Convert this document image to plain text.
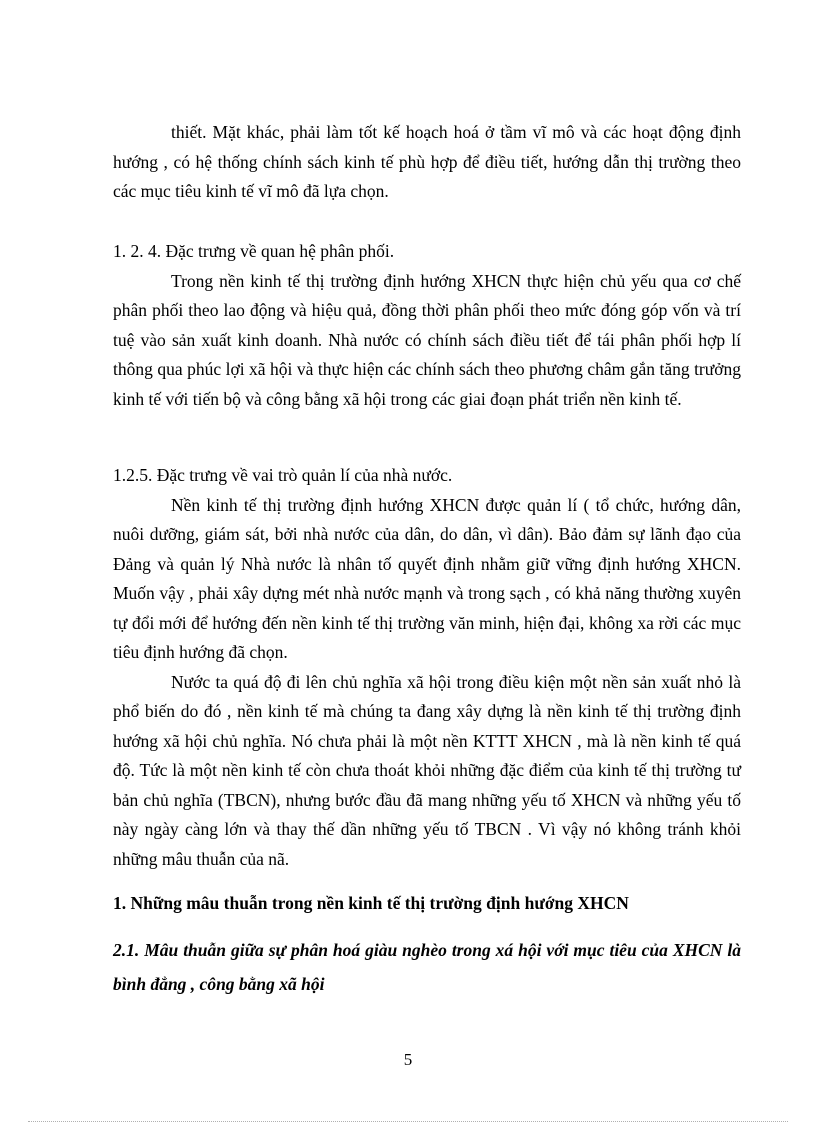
thiết. Mặt khác, phải làm tốt kế hoạch hoá ở tầm vĩ mô và các hoạt động định hướng , có hệ thống chính sách kinh tế phù hợp để điều tiết, hướng dẫn thị trường theo các mục tiêu kinh tế vĩ mô đã lựa chọn.

1. 2. 4. Đặc trưng về quan hệ phân phối.

Trong nền kinh tế thị trường định hướng XHCN thực hiện chủ yếu qua cơ chế phân phối theo lao động và hiệu quả, đồng thời phân phối theo mức đóng góp vốn và trí tuệ vào sản xuất kinh doanh. Nhà nước có chính sách điều tiết để tái phân phối hợp lí thông qua phúc lợi xã hội và thực hiện các chính sách theo phương châm gắn tăng trưởng kinh tế với tiến bộ và công bằng xã hội trong các giai đoạn phát triển nền kinh tế.

1.2.5. Đặc trưng về vai trò quản lí của nhà nước.

Nền kinh tế thị trường định hướng XHCN được quản lí ( tổ chức, hướng dân, nuôi dưỡng, giám sát, bởi nhà nước của dân, do dân, vì dân). Bảo đảm sự lãnh đạo của Đảng và quản lý Nhà nước là nhân tố quyết định nhằm giữ vững định hướng XHCN. Muốn vậy , phải xây dựng mét nhà nước mạnh và trong sạch , có khả năng thường xuyên tự đổi mới để hướng đến nền kinh tế thị trường văn minh, hiện đại, không xa rời các mục tiêu định hướng đã chọn.

Nước ta quá độ đi lên chủ nghĩa xã hội trong điều kiện một nền sản xuất nhỏ là phổ biến do đó , nền kinh tế mà chúng ta đang xây dựng là nền kinh tế thị trường định hướng xã hội chủ nghĩa. Nó chưa phải là một nền KTTT XHCN , mà là nền kinh tế quá độ. Tức là một nền kinh tế còn chưa thoát khỏi những đặc điểm của kinh tế thị trường tư bản chủ nghĩa (TBCN), nhưng bước đầu đã mang những yếu tố XHCN và những yếu tố này ngày càng lớn và thay thế dần những yếu tố TBCN . Vì vậy nó không tránh khỏi những mâu thuẫn của nã.

1. Những mâu thuẫn trong nền kinh tế thị trường định hướng XHCN

2.1. Mâu thuẫn giữa sự phân hoá giàu nghèo trong xá hội với mục tiêu của XHCN là bình đẳng , công bằng xã hội

5
